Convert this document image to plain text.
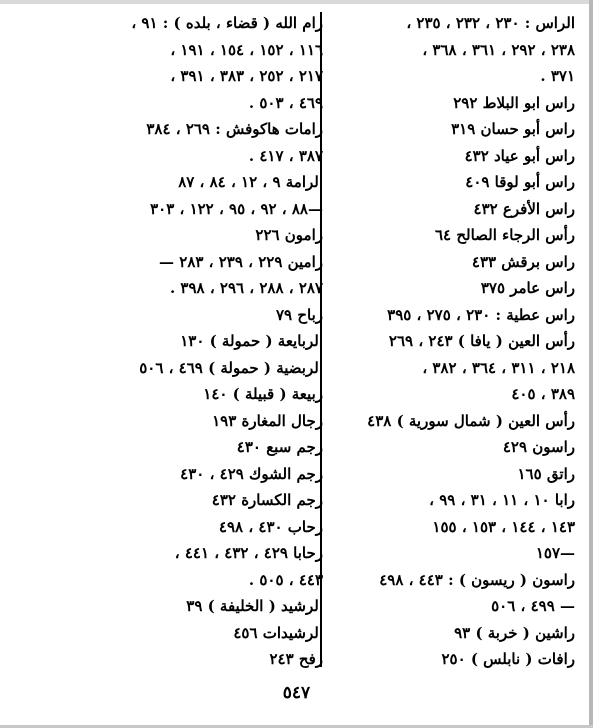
الراس : ٢٣٠ ، ٢٣٢ ، ٢٣٥ ،
٢٣٨ ، ٢٩٢ ، ٣٦١ ، ٣٦٨ ،
٣٧١ .
راس ابو البلاط ٢٩٢
راس أبو حسان ٣١٩
راس أبو عياد ٤٣٢
راس أبو لوقا ٤٠٩
راس الأفرع ٤٣٢
رأس الرجاء الصالح ٦٤
راس برقش ٤٣٣
راس عامر ٣٧٥
راس عطية : ٢٣٠ ، ٢٧٥ ، ٣٩٥
رأس العين ( يافا ) ٢٤٣ ، ٢٦٩
٢١٨ ، ٣١١ ، ٣٦٤ ، ٣٨٢ ،
٣٨٩ ، ٤٠٥
رأس العين ( شمال سورية ) ٤٣٨
راسون ٤٢٩
راتق ١٦٥
رابا ١٠ ، ١١ ، ٣١ ، ٩٩ ،
١٤٣ ، ١٤٤ ، ١٥٣ ، ١٥٥
—١٥٧
راسون ( ريسون ) : ٤٤٣ ، ٤٩٨
— ٤٩٩ ، ٥٠٦
راشين ( خربة ) ٩٣
رافات ( نابلس ) ٢٥٠
رام الله ( قضاء ، بلده ) : ٩١ ،
١١٦ ، ١٥٢ ، ١٥٤ ، ١٩١ ،
٢١٧ ، ٢٥٢ ، ٣٨٣ ، ٣٩١ ،
٤٦٩ ، ٥٠٣ .
رامات هاكوفش : ٢٦٩ ، ٣٨٤
٣٨٧ ، ٤١٧ .
الرامة ٩ ، ١٢ ، ٨٤ ، ٨٧
—٨٨ ، ٩٢ ، ٩٥ ، ١٢٢ ، ٣٠٣
رامون ٢٢٦
رامين ٢٢٩ ، ٢٣٩ ، ٢٨٣ —
٢٨٧ ، ٢٨٨ ، ٢٩٦ ، ٣٩٨ .
رباح ٧٩
الربايعة ( حمولة ) ١٣٠
الربضية ( حمولة ) ٤٦٩ ، ٥٠٦
ربيعة ( قبيلة ) ١٤٠
رجال المغارة ١٩٣
رجم سبع ٤٣٠
رجم الشوك ٤٢٩ ، ٤٣٠
رجم الكسارة ٤٣٢
رحاب ٤٣٠ ، ٤٩٨
رحابا ٤٢٩ ، ٤٣٢ ، ٤٤١ ،
٤٤٣ ، ٥٠٥ .
الرشيد ( الخليفة ) ٣٩
الرشيدات ٤٥٦
رفح ٢٤٣
٥٤٧
